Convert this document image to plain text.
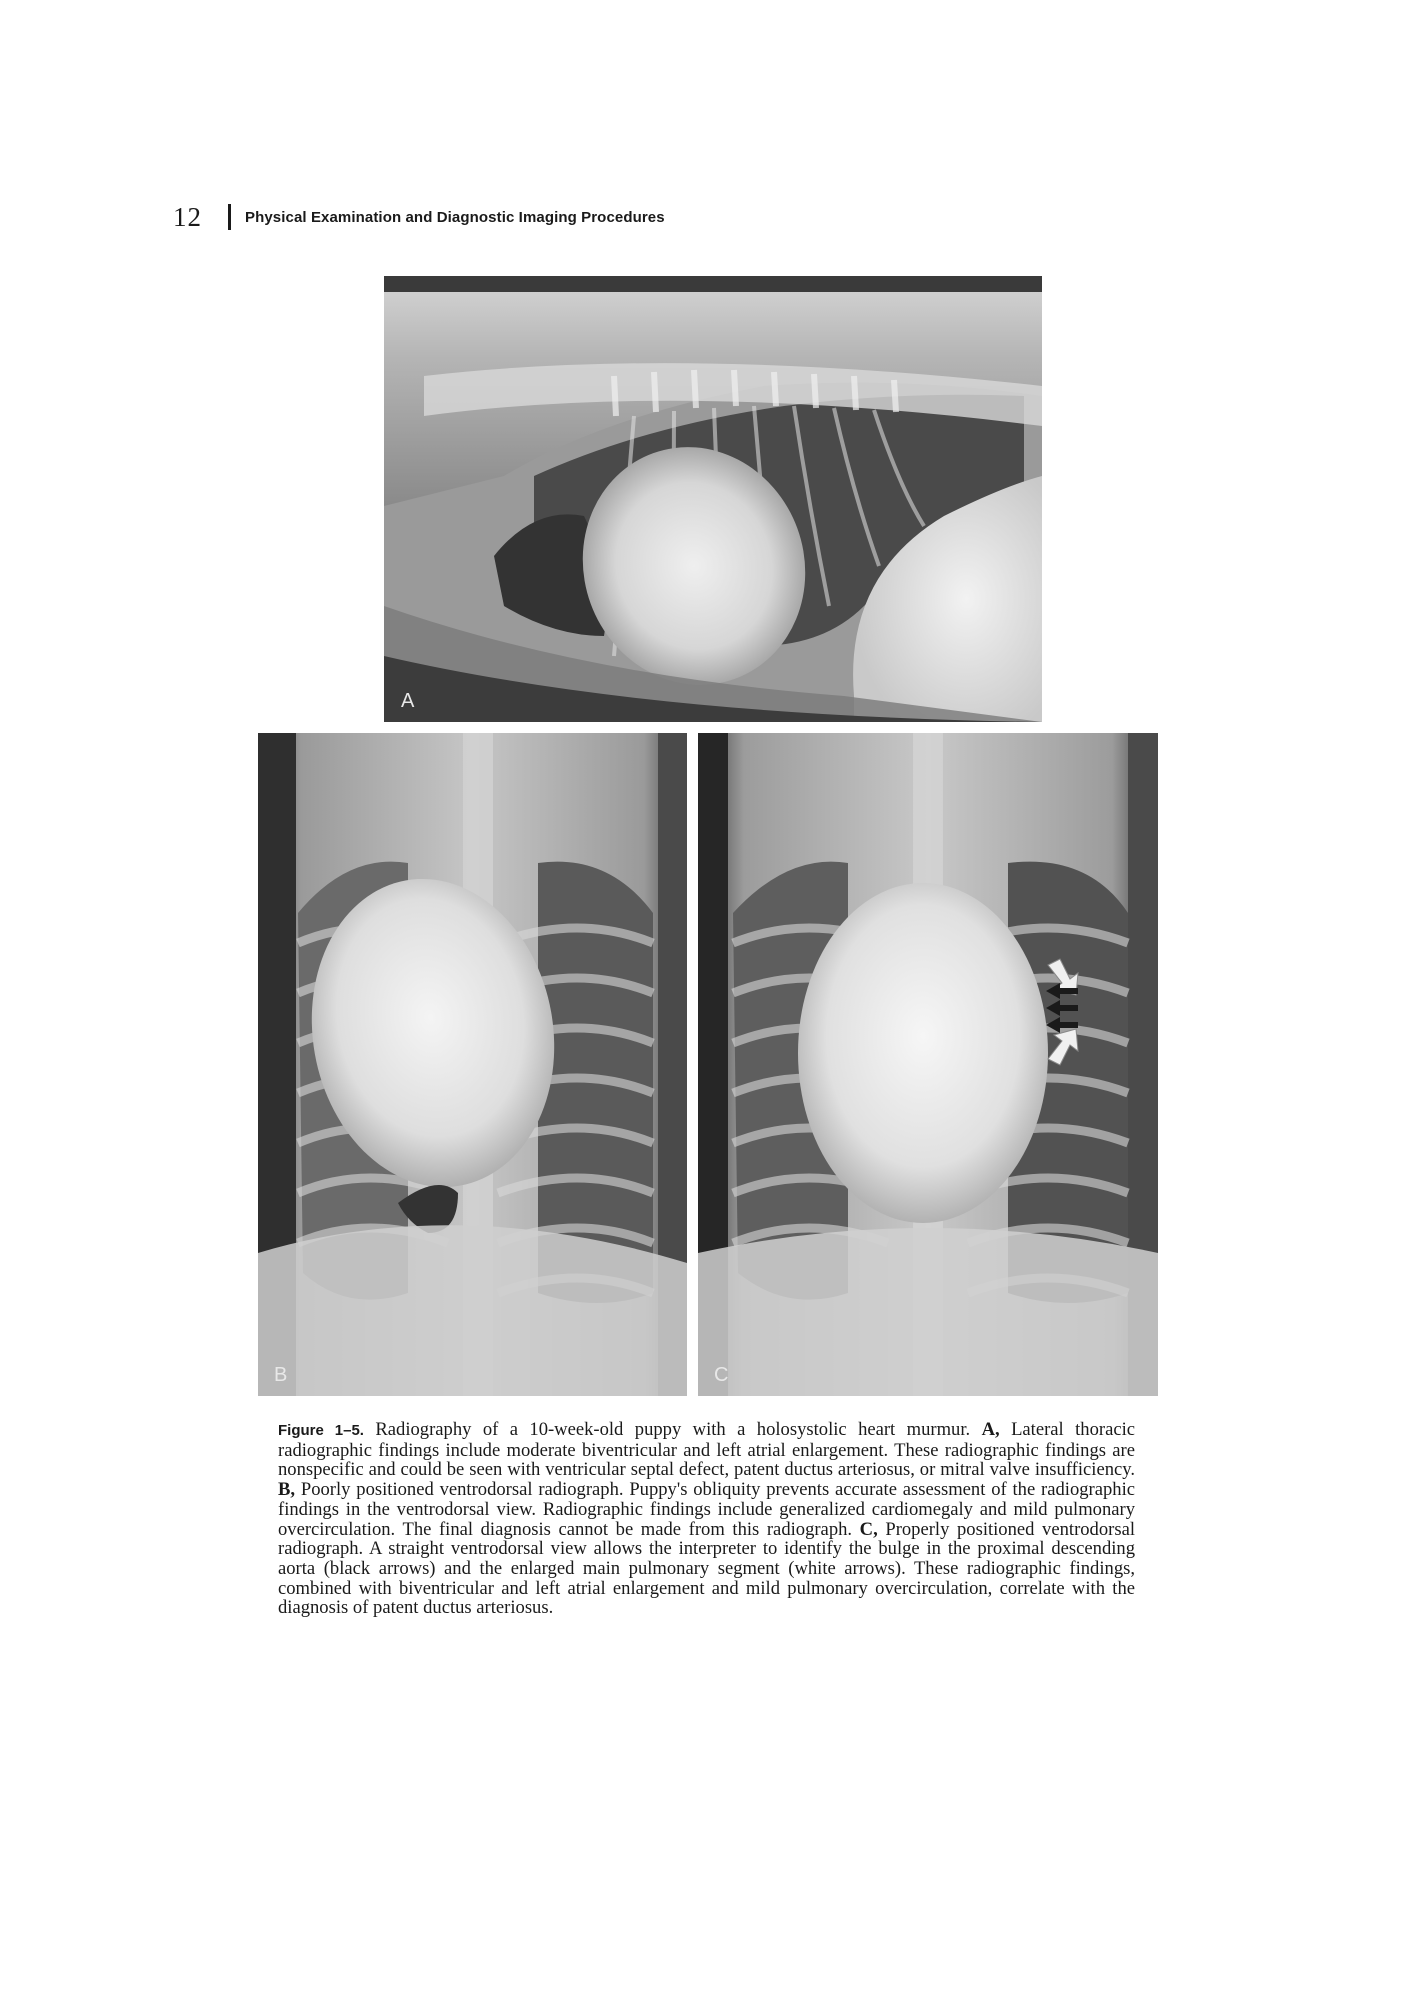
12	Physical Examination and Diagnostic Imaging Procedures
A
B	C
Figure 1–5. Radiography of a 10-week-old puppy with a holosystolic heart murmur. A, Lateral thoracic radiographic findings include moderate biventricular and left atrial enlargement. These radiographic findings are nonspecific and could be seen with ventricular septal defect, patent ductus arteriosus, or mitral valve insufficiency. B, Poorly positioned ventrodorsal radiograph. Puppy's obliquity prevents accurate assessment of the radiographic findings in the ventrodorsal view. Radiographic findings include generalized cardiomegaly and mild pulmonary overcirculation. The final diagnosis cannot be made from this radiograph. C, Properly positioned ventrodorsal radiograph. A straight ventrodorsal view allows the interpreter to identify the bulge in the proximal descending aorta (black arrows) and the enlarged main pulmonary segment (white arrows). These radiographic findings, combined with biventricular and left atrial enlargement and mild pulmonary overcirculation, correlate with the diagnosis of patent ductus arteriosus.
